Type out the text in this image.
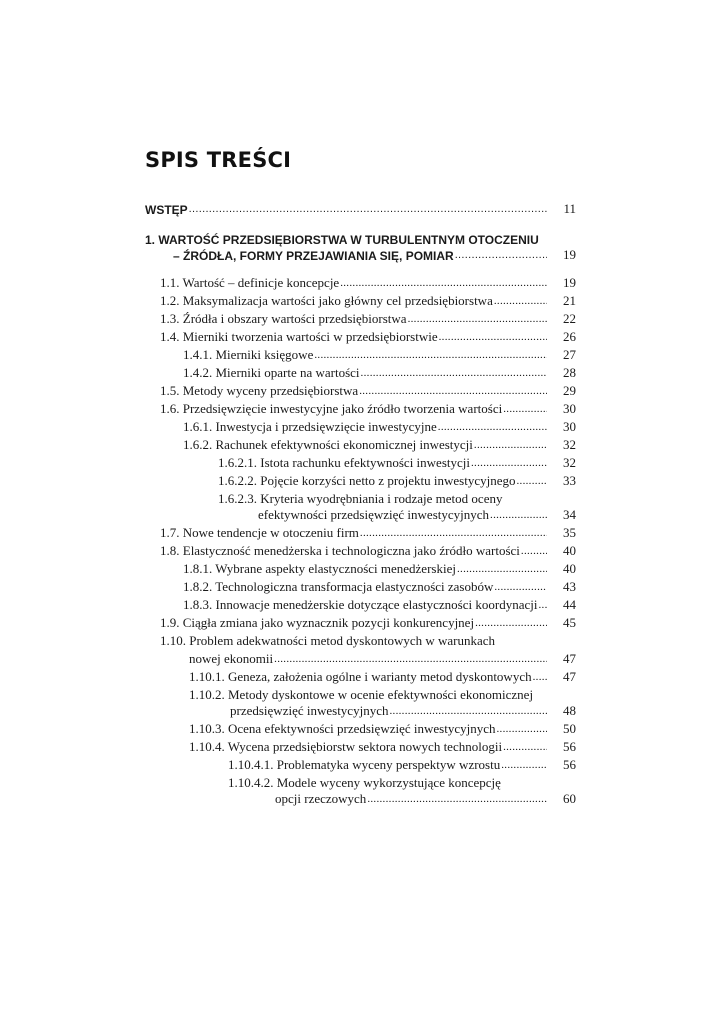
SPIS TREŚCI
WSTĘP .....	11
1. WARTOŚĆ PRZEDSIĘBIORSTWA W TURBULENTNYM OTOCZENIU
– ŹRÓDŁA, FORMY PRZEJAWIANIA SIĘ, POMIAR .....	19
1.1. Wartość – definicje koncepcje .....	19
1.2. Maksymalizacja wartości jako główny cel przedsiębiorstwa .....	21
1.3. Źródła i obszary wartości przedsiębiorstwa .....	22
1.4. Mierniki tworzenia wartości w przedsiębiorstwie .....	26
1.4.1. Mierniki księgowe .....	27
1.4.2. Mierniki oparte na wartości .....	28
1.5. Metody wyceny przedsiębiorstwa .....	29
1.6. Przedsięwzięcie inwestycyjne jako źródło tworzenia wartości .....	30
1.6.1. Inwestycja i przedsięwzięcie inwestycyjne .....	30
1.6.2. Rachunek efektywności ekonomicznej inwestycji .....	32
1.6.2.1. Istota rachunku efektywności inwestycji .....	32
1.6.2.2. Pojęcie korzyści netto z projektu inwestycyjnego .....	33
1.6.2.3. Kryteria wyodrębniania i rodzaje metod oceny
efektywności przedsięwzięć inwestycyjnych .....	34
1.7. Nowe tendencje w otoczeniu firm .....	35
1.8. Elastyczność menedżerska i technologiczna jako źródło wartości .....	40
1.8.1. Wybrane aspekty elastyczności menedżerskiej .....	40
1.8.2. Technologiczna transformacja elastyczności zasobów .....	43
1.8.3. Innowacje menedżerskie dotyczące elastyczności koordynacji .....	44
1.9. Ciągła zmiana jako wyznacznik pozycji konkurencyjnej .....	45
1.10. Problem adekwatności metod dyskontowych w warunkach
nowej ekonomii .....	47
1.10.1. Geneza, założenia ogólne i warianty metod dyskontowych .....	47
1.10.2. Metody dyskontowe w ocenie efektywności ekonomicznej
przedsięwzięć inwestycyjnych .....	48
1.10.3. Ocena efektywności przedsięwzięć inwestycyjnych .....	50
1.10.4. Wycena przedsiębiorstw sektora nowych technologii .....	56
1.10.4.1. Problematyka wyceny perspektyw wzrostu .....	56
1.10.4.2. Modele wyceny wykorzystujące koncepcję
opcji rzeczowych .....	60
